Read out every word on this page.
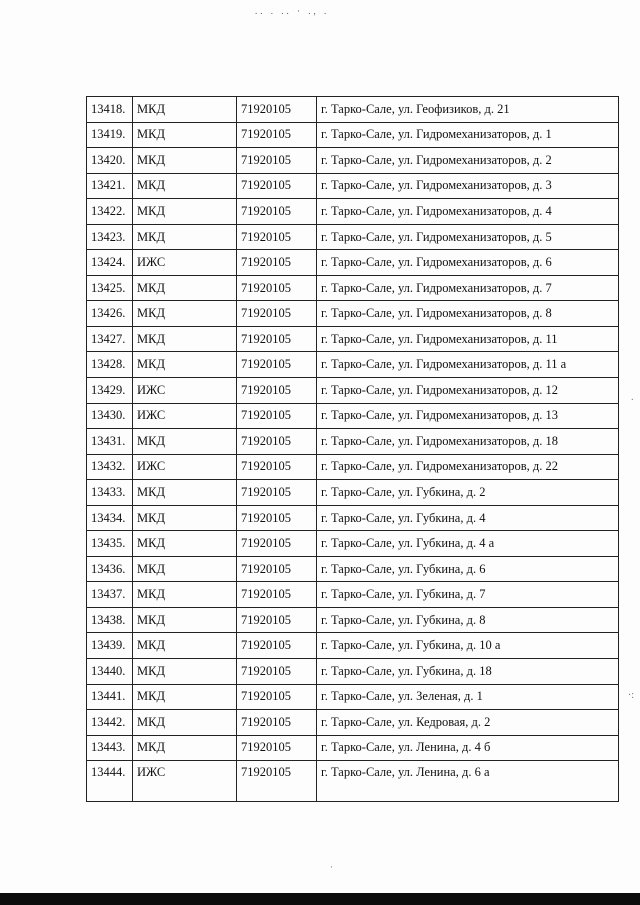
.. . .. · ., .
13418.	МКД	71920105	г. Тарко-Сале, ул. Геофизиков, д. 21
13419.	МКД	71920105	г. Тарко-Сале, ул. Гидромеханизаторов, д. 1
13420.	МКД	71920105	г. Тарко-Сале, ул. Гидромеханизаторов, д. 2
13421.	МКД	71920105	г. Тарко-Сале, ул. Гидромеханизаторов, д. 3
13422.	МКД	71920105	г. Тарко-Сале, ул. Гидромеханизаторов, д. 4
13423.	МКД	71920105	г. Тарко-Сале, ул. Гидромеханизаторов, д. 5
13424.	ИЖС	71920105	г. Тарко-Сале, ул. Гидромеханизаторов, д. 6
13425.	МКД	71920105	г. Тарко-Сале, ул. Гидромеханизаторов, д. 7
13426.	МКД	71920105	г. Тарко-Сале, ул. Гидромеханизаторов, д. 8
13427.	МКД	71920105	г. Тарко-Сале, ул. Гидромеханизаторов, д. 11
13428.	МКД	71920105	г. Тарко-Сале, ул. Гидромеханизаторов, д. 11 а
13429.	ИЖС	71920105	г. Тарко-Сале, ул. Гидромеханизаторов, д. 12
13430.	ИЖС	71920105	г. Тарко-Сале, ул. Гидромеханизаторов, д. 13
13431.	МКД	71920105	г. Тарко-Сале, ул. Гидромеханизаторов, д. 18
13432.	ИЖС	71920105	г. Тарко-Сале, ул. Гидромеханизаторов, д. 22
13433.	МКД	71920105	г. Тарко-Сале, ул. Губкина, д. 2
13434.	МКД	71920105	г. Тарко-Сале, ул. Губкина, д. 4
13435.	МКД	71920105	г. Тарко-Сале, ул. Губкина, д. 4 а
13436.	МКД	71920105	г. Тарко-Сале, ул. Губкина, д. 6
13437.	МКД	71920105	г. Тарко-Сале, ул. Губкина, д. 7
13438.	МКД	71920105	г. Тарко-Сале, ул. Губкина, д. 8
13439.	МКД	71920105	г. Тарко-Сале, ул. Губкина, д. 10 а
13440.	МКД	71920105	г. Тарко-Сале, ул. Губкина, д. 18
13441.	МКД	71920105	г. Тарко-Сале, ул. Зеленая, д. 1
13442.	МКД	71920105	г. Тарко-Сале, ул. Кедровая, д. 2
13443.	МКД	71920105	г. Тарко-Сале, ул. Ленина, д. 4 б
13444.	ИЖС	71920105	г. Тарко-Сале, ул. Ленина, д. 6 а
·
·:
·
